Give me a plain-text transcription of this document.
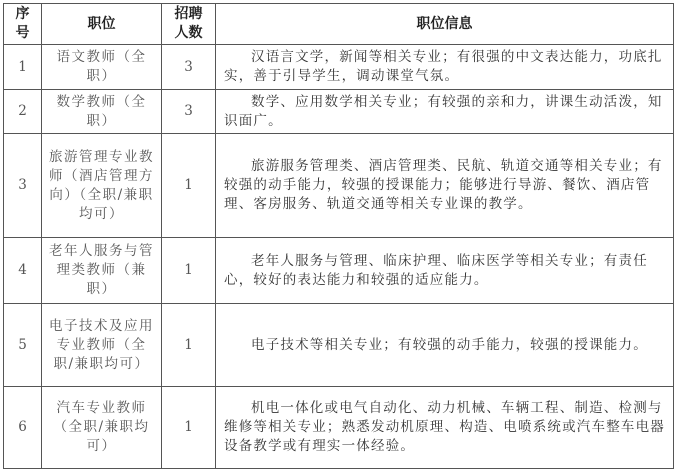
序号	职位	招聘人数	职位信息
1	语文教师（全职）	3	汉语言文学，新闻等相关专业；有很强的中文表达能力，功底扎实，善于引导学生，调动课堂气氛。
2	数学教师（全职）	3	数学、应用数学相关专业；有较强的亲和力，讲课生动活泼，知识面广。
3	旅游管理专业教师（酒店管理方向）（全职/兼职均可）	1	旅游服务管理类、酒店管理类、民航、轨道交通等相关专业；有较强的动手能力，较强的授课能力；能够进行导游、餐饮、酒店管理、客房服务、轨道交通等相关专业课的教学。
4	老年人服务与管理类教师（兼职）	1	老年人服务与管理、临床护理、临床医学等相关专业；有责任心，较好的表达能力和较强的适应能力。
5	电子技术及应用专业教师（全职/兼职均可）	1	电子技术等相关专业；有较强的动手能力，较强的授课能力。
6	汽车专业教师（全职/兼职均可）	1	机电一体化或电气自动化、动力机械、车辆工程、制造、检测与维修等相关专业；熟悉发动机原理、构造、电喷系统或汽车整车电器设备教学或有理实一体经验。
